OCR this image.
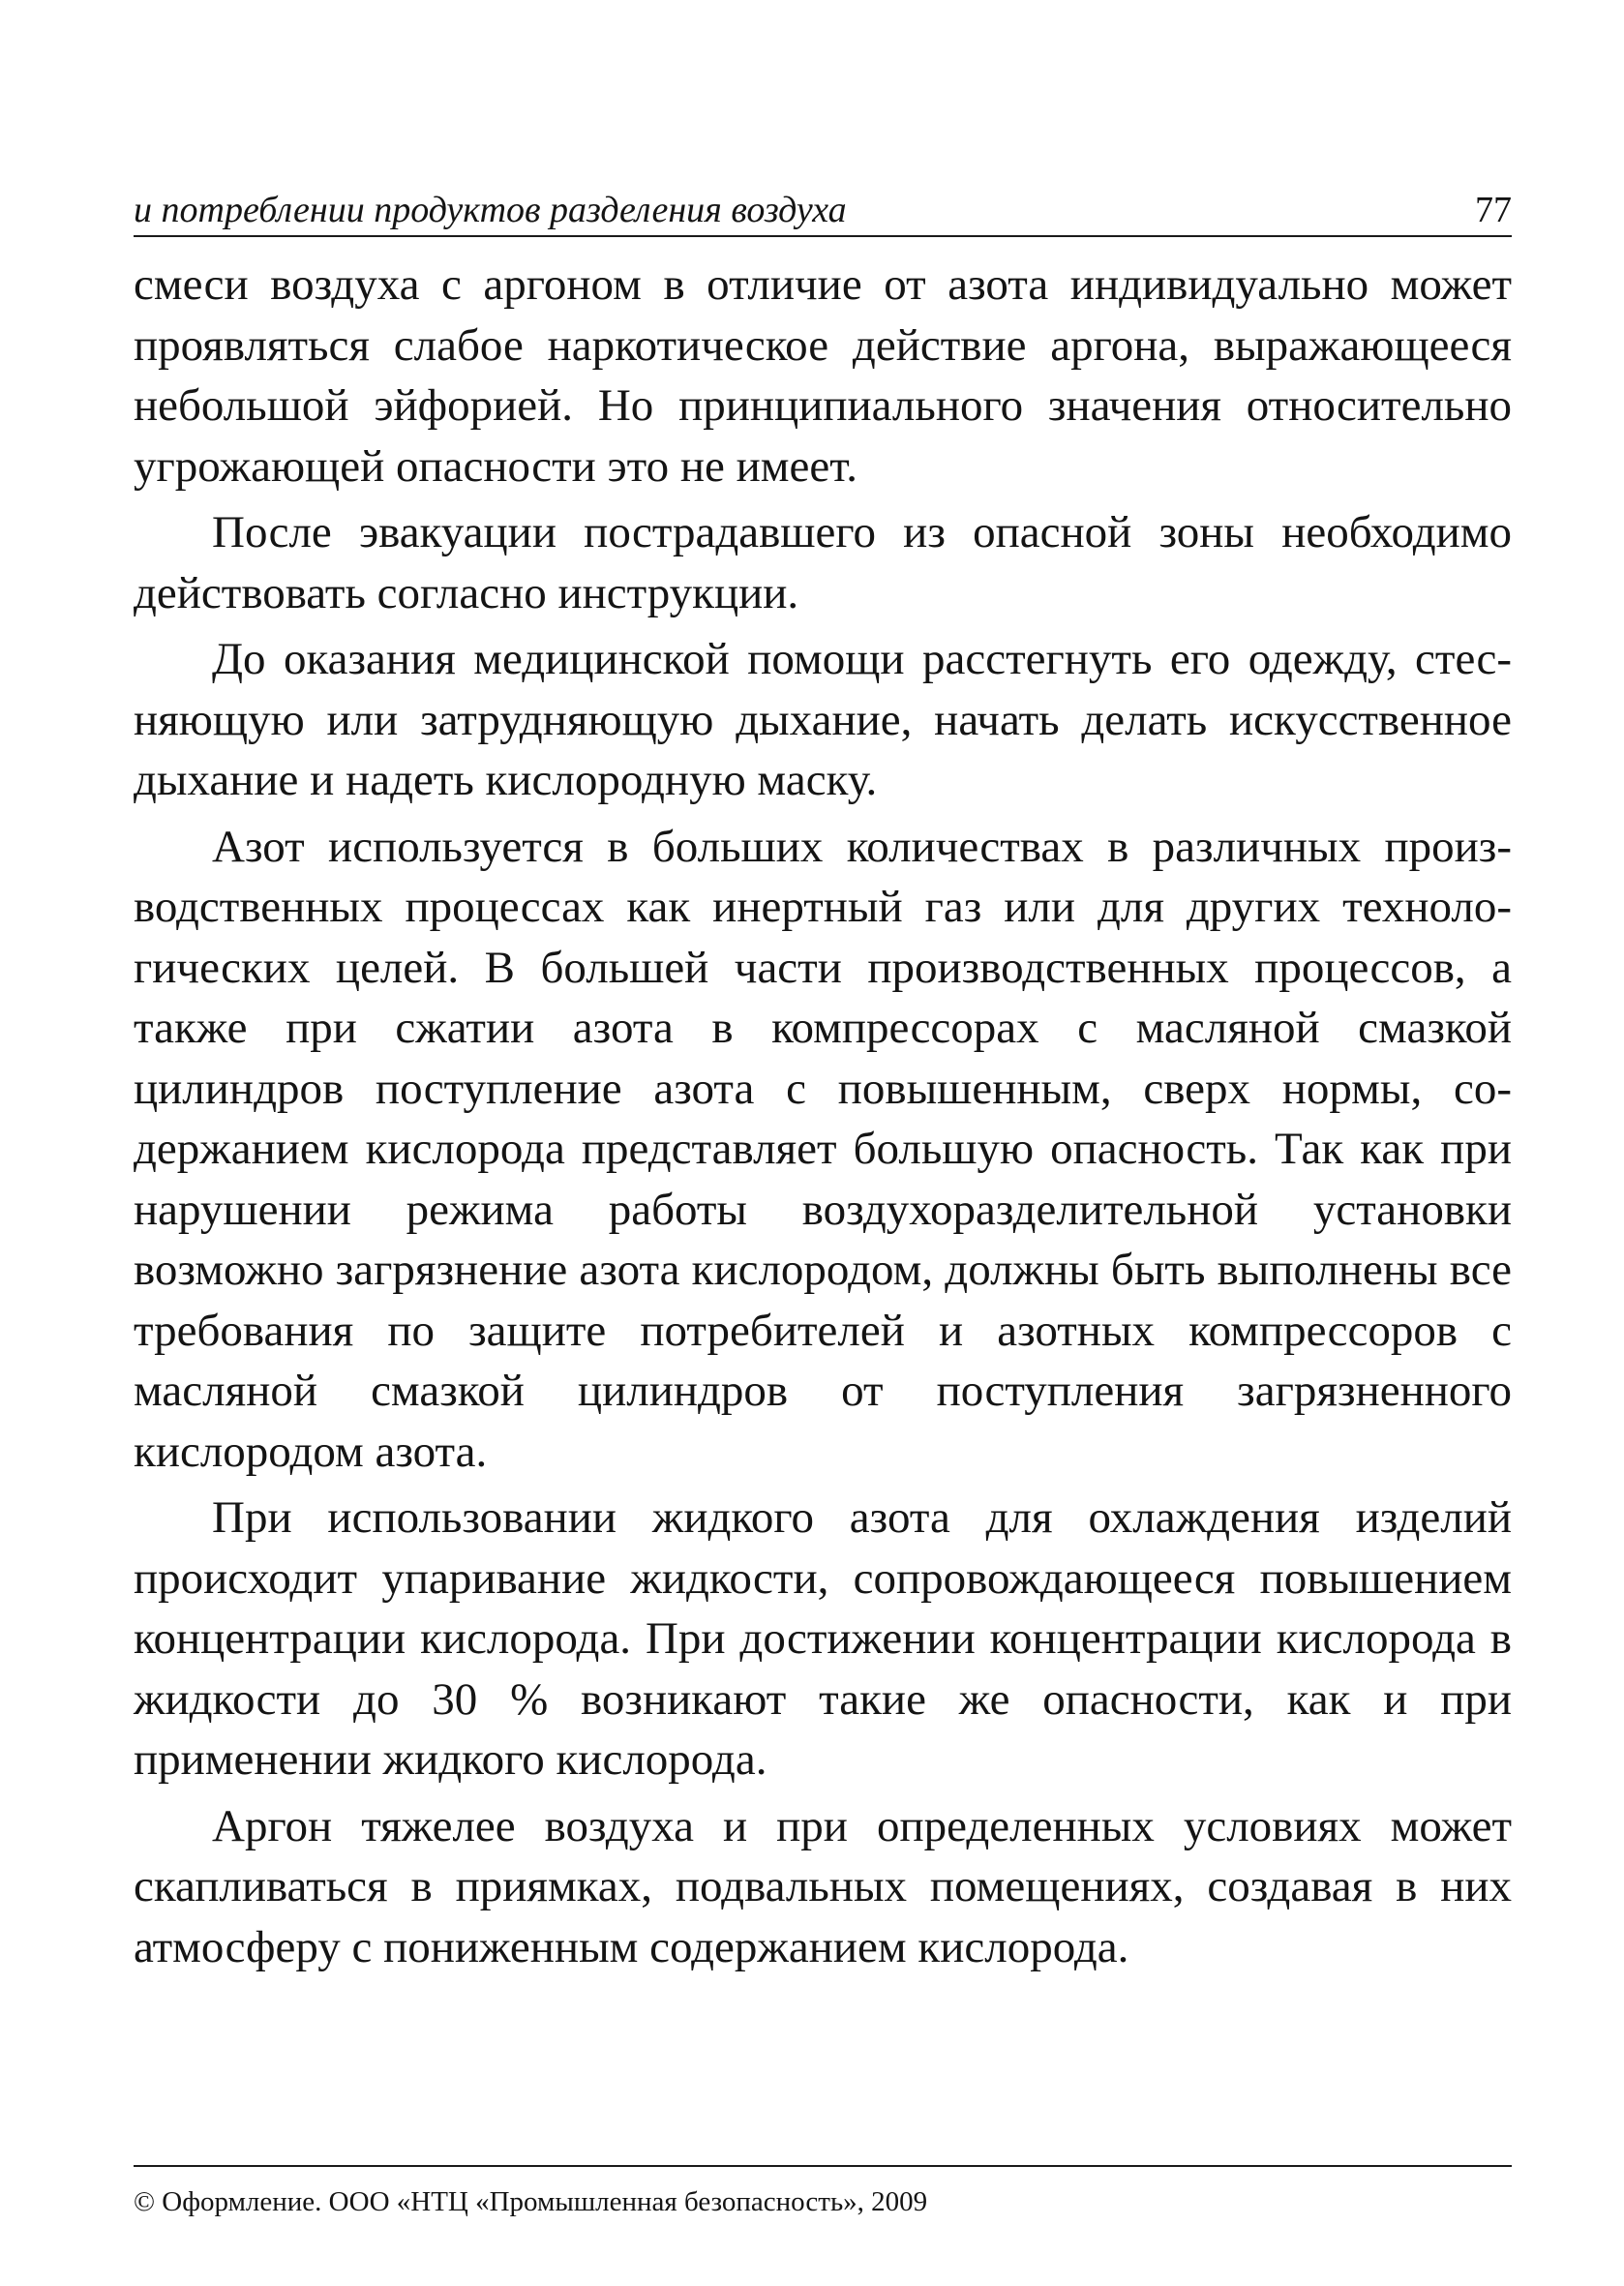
и потреблении продуктов разделения воздуха	77

смеси воздуха с аргоном в отличие от азота индивидуально может проявляться слабое наркотическое действие аргона, выражающееся небольшой эйфорией. Но принципиального значения относительно угрожающей опасности это не имеет.

После эвакуации пострадавшего из опасной зоны необходимо действовать согласно инструкции.

До оказания медицинской помощи расстегнуть его одежду, стесняющую или затрудняющую дыхание, начать делать искусственное дыхание и надеть кислородную маску.

Азот используется в больших количествах в различных производственных процессах как инертный газ или для других технологических целей. В большей части производственных процессов, а также при сжатии азота в компрессорах с масляной смазкой цилиндров поступление азота с повышенным, сверх нормы, содержанием кислорода представляет большую опасность. Так как при нарушении режима работы воздухоразделительной установки возможно загрязнение азота кислородом, должны быть выполнены все требования по защите потребителей и азотных компрессоров с масляной смазкой цилиндров от поступления загрязненного кислородом азота.

При использовании жидкого азота для охлаждения изделий происходит упаривание жидкости, сопровождающееся повышением концентрации кислорода. При достижении концентрации кислорода в жидкости до 30 % возникают такие же опасности, как и при применении жидкого кислорода.

Аргон тяжелее воздуха и при определенных условиях может скапливаться в приямках, подвальных помещениях, создавая в них атмосферу с пониженным содержанием кислорода.

© Оформление. ООО «НТЦ «Промышленная безопасность», 2009
